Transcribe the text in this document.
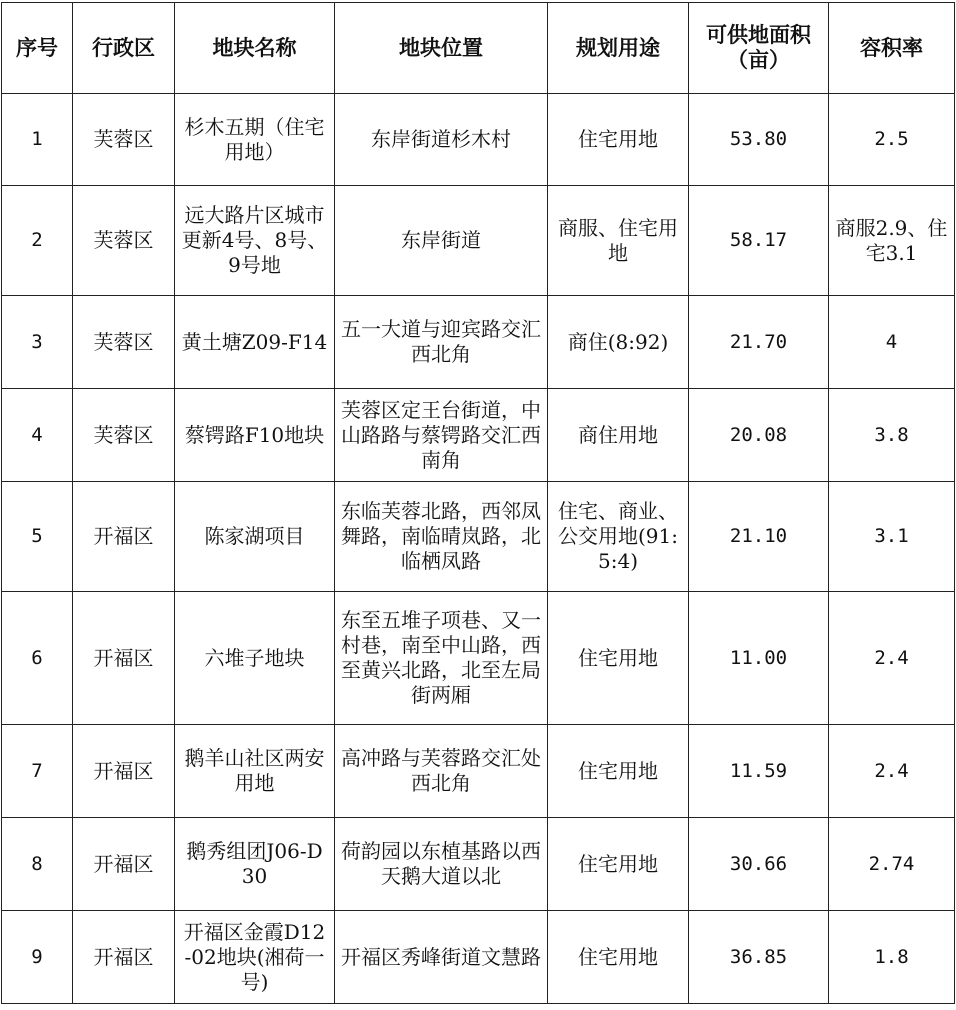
序号	行政区	地块名称	地块位置	规划用途	可供地面积（亩）	容积率
1	芙蓉区	杉木五期（住宅用地）	东岸街道杉木村	住宅用地	53.80	2.5
2	芙蓉区	远大路片区城市更新4号、8号、9号地	东岸街道	商服、住宅用地	58.17	商服2.9、住宅3.1
3	芙蓉区	黄土塘Z09-F14	五一大道与迎宾路交汇西北角	商住(8:92)	21.70	4
4	芙蓉区	蔡锷路F10地块	芙蓉区定王台街道，中山路路与蔡锷路交汇西南角	商住用地	20.08	3.8
5	开福区	陈家湖项目	东临芙蓉北路，西邻凤舞路，南临晴岚路，北临栖凤路	住宅、商业、公交用地(91:5:4)	21.10	3.1
6	开福区	六堆子地块	东至五堆子项巷、又一村巷，南至中山路，西至黄兴北路，北至左局街两厢	住宅用地	11.00	2.4
7	开福区	鹅羊山社区两安用地	高冲路与芙蓉路交汇处西北角	住宅用地	11.59	2.4
8	开福区	鹅秀组团J06-D30	荷韵园以东植基路以西天鹅大道以北	住宅用地	30.66	2.74
9	开福区	开福区金霞D12-02地块(湘荷一号)	开福区秀峰街道文慧路	住宅用地	36.85	1.8
